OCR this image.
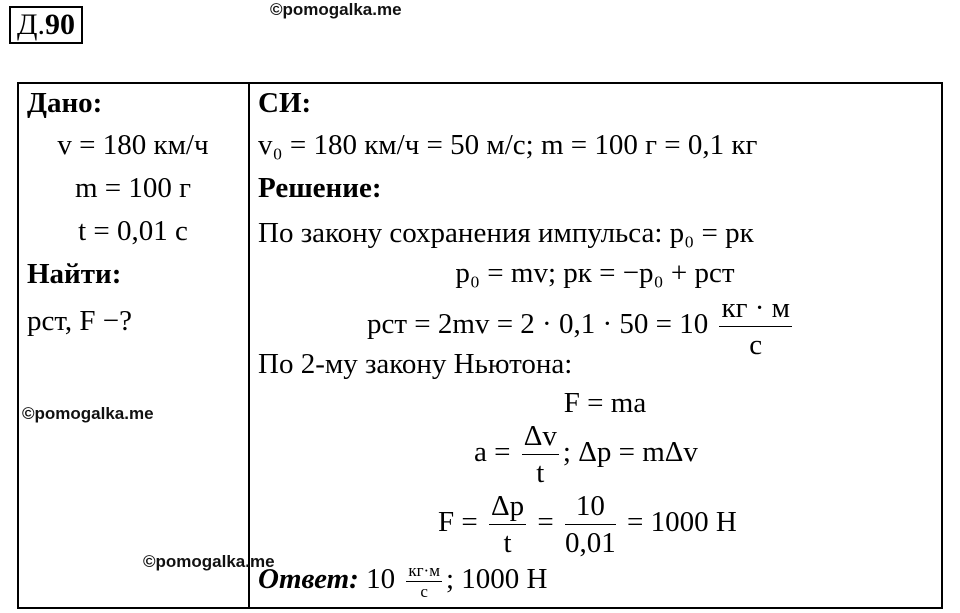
Д.90	©pomogalka.me
Дано:
v = 180 км/ч
m = 100 г
t = 0,01 с
Найти:
pст, F −?
©pomogalka.me
СИ:
v₀ = 180 км/ч = 50 м/с; m = 100 г = 0,1 кг
Решение:
По закону сохранения импульса: p₀ = pк
p₀ = mv; pк = −p₀ + pст
pст = $2mv = 2 \cdot 0,1 \cdot 50 = 10 \frac{кг \cdot м}{с}$
По 2-му закону Ньютона:
F = ma
$a = \frac{\Delta v}{t}$ ; Δp = mΔv
$F = \frac{\Delta p}{t} = \frac{10}{0,01} = 1000$ Н
©pomogalka.me
Ответ: $10 \frac{кг\cdot м}{с}$ ; 1000 Н
